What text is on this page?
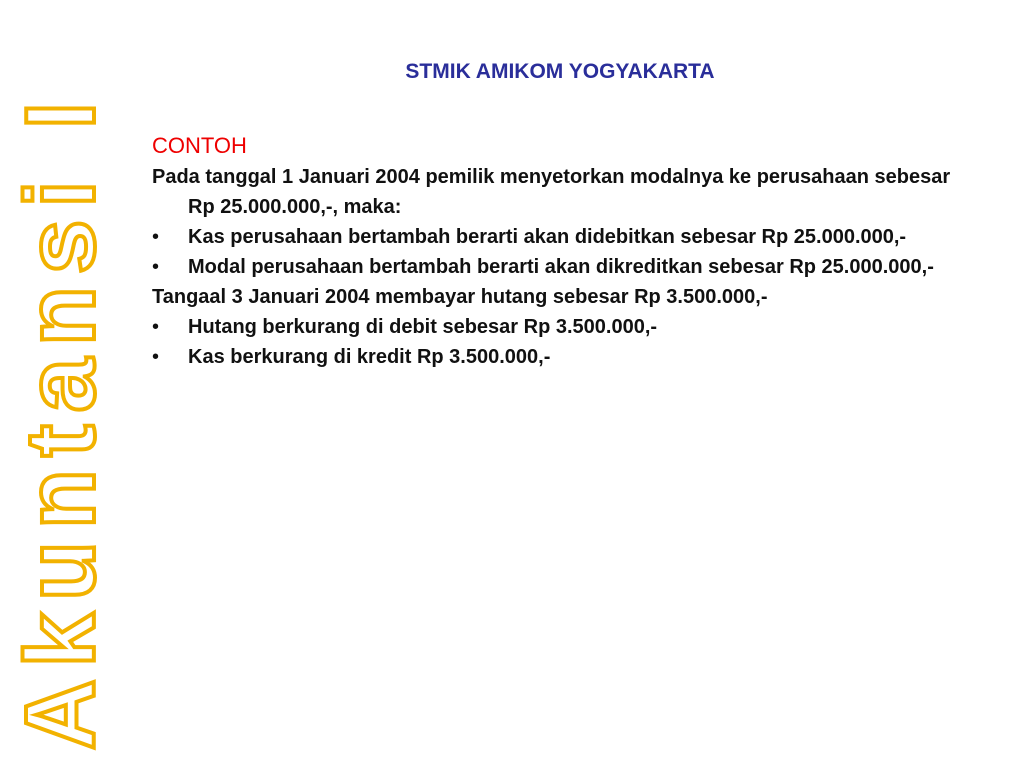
STMIK AMIKOM YOGYAKARTA
Akuntansi I CONTOH
Pada tanggal 1 Januari 2004 pemilik menyetorkan modalnya ke perusahaan sebesar Rp 25.000.000,-, maka:
•	Kas perusahaan bertambah berarti akan didebitkan sebesar Rp 25.000.000,-
•	Modal perusahaan bertambah berarti akan dikreditkan sebesar Rp 25.000.000,-
Tangaal 3 Januari 2004 membayar hutang sebesar Rp 3.500.000,-
•	Hutang berkurang di debit sebesar Rp 3.500.000,-
•	Kas berkurang di kredit Rp 3.500.000,-
